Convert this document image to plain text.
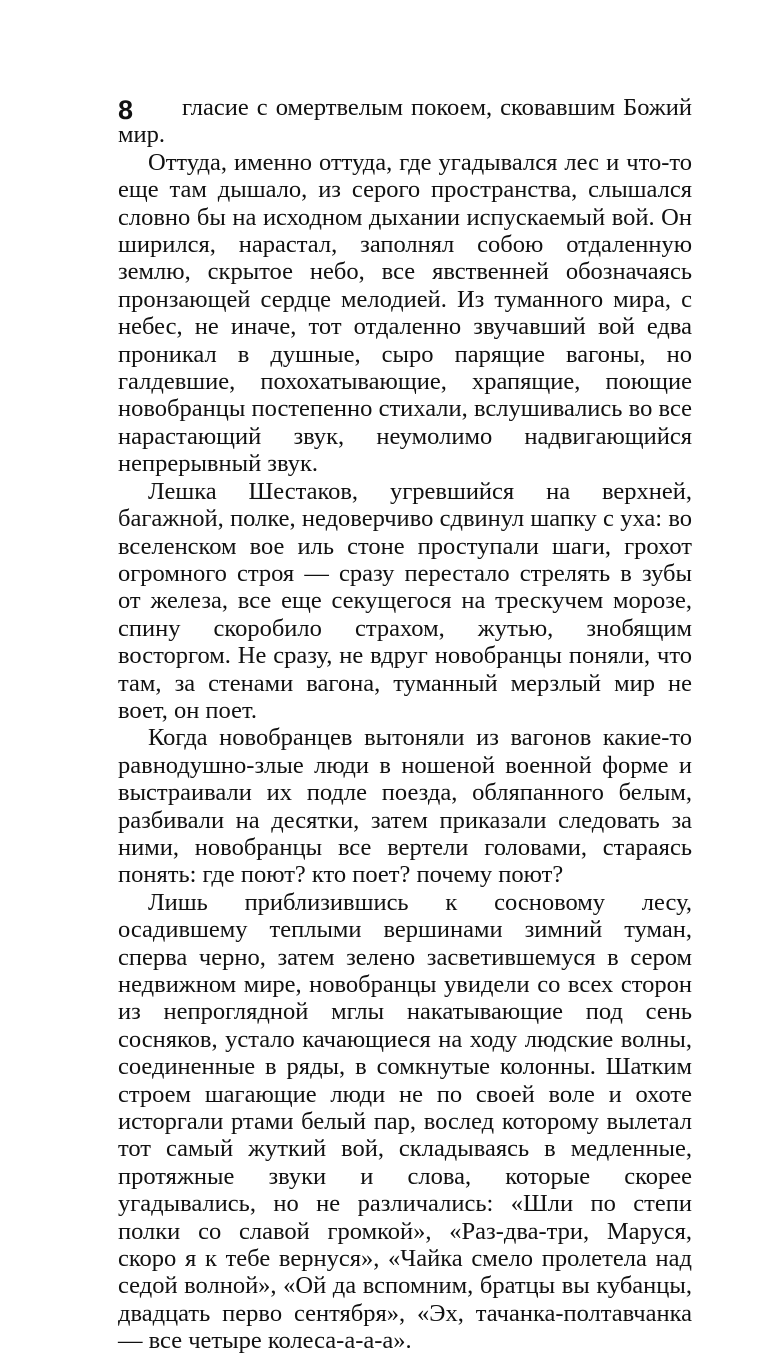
8	гласие с омертвелым покоем, сковавшим Божий мир.

Оттуда, именно оттуда, где угадывался лес и что-то еще там дышало, из серого пространства, слышался словно бы на исходном дыхании испускаемый вой. Он ширился, нарастал, заполнял собою отдаленную землю, скрытое небо, все явственней обозначаясь пронзающей сердце мелодией. Из туманного мира, с небес, не иначе, тот отдаленно звучавший вой едва проникал в душные, сыро парящие вагоны, но галдевшие, похохатывающие, храпящие, поющие новобранцы постепенно стихали, вслушивались во все нарастающий звук, неумолимо надвигающийся непрерывный звук.

Лешка Шестаков, угревшийся на верхней, багажной, полке, недоверчиво сдвинул шапку с уха: во вселенском вое иль стоне проступали шаги, грохот огромного строя — сразу перестало стрелять в зубы от железа, все еще секущегося на трескучем морозе, спину скоробило страхом, жутью, знобящим восторгом. Не сразу, не вдруг новобранцы поняли, что там, за стенами вагона, туманный мерзлый мир не воет, он поет.

Когда новобранцев вытоняли из вагонов какие-то равнодушно-злые люди в ношеной военной форме и выстраивали их подле поезда, обляпанного белым, разбивали на десятки, затем приказали следовать за ними, новобранцы все вертели головами, стараясь понять: где поют? кто поет? почему поют?

Лишь приблизившись к сосновому лесу, осадившему теплыми вершинами зимний туман, сперва черно, затем зелено засветившемуся в сером недвижном мире, новобранцы увидели со всех сторон из непроглядной мглы накатывающие под сень сосняков, устало качающиеся на ходу людские волны, соединенные в ряды, в сомкнутые колонны. Шатким строем шагающие люди не по своей воле и охоте исторгали ртами белый пар, вослед которому вылетал тот самый жуткий вой, складываясь в медленные, протяжные звуки и слова, которые скорее угадывались, но не различались: «Шли по степи полки со славой громкой», «Раз-два-три, Маруся, скоро я к тебе вернуся», «Чайка смело пролетела над седой волной», «Ой да вспомним, братцы вы кубанцы, двадцать перво сентября», «Эх, тачанка-полтавчанка — все четыре колеса-а-а-а».
